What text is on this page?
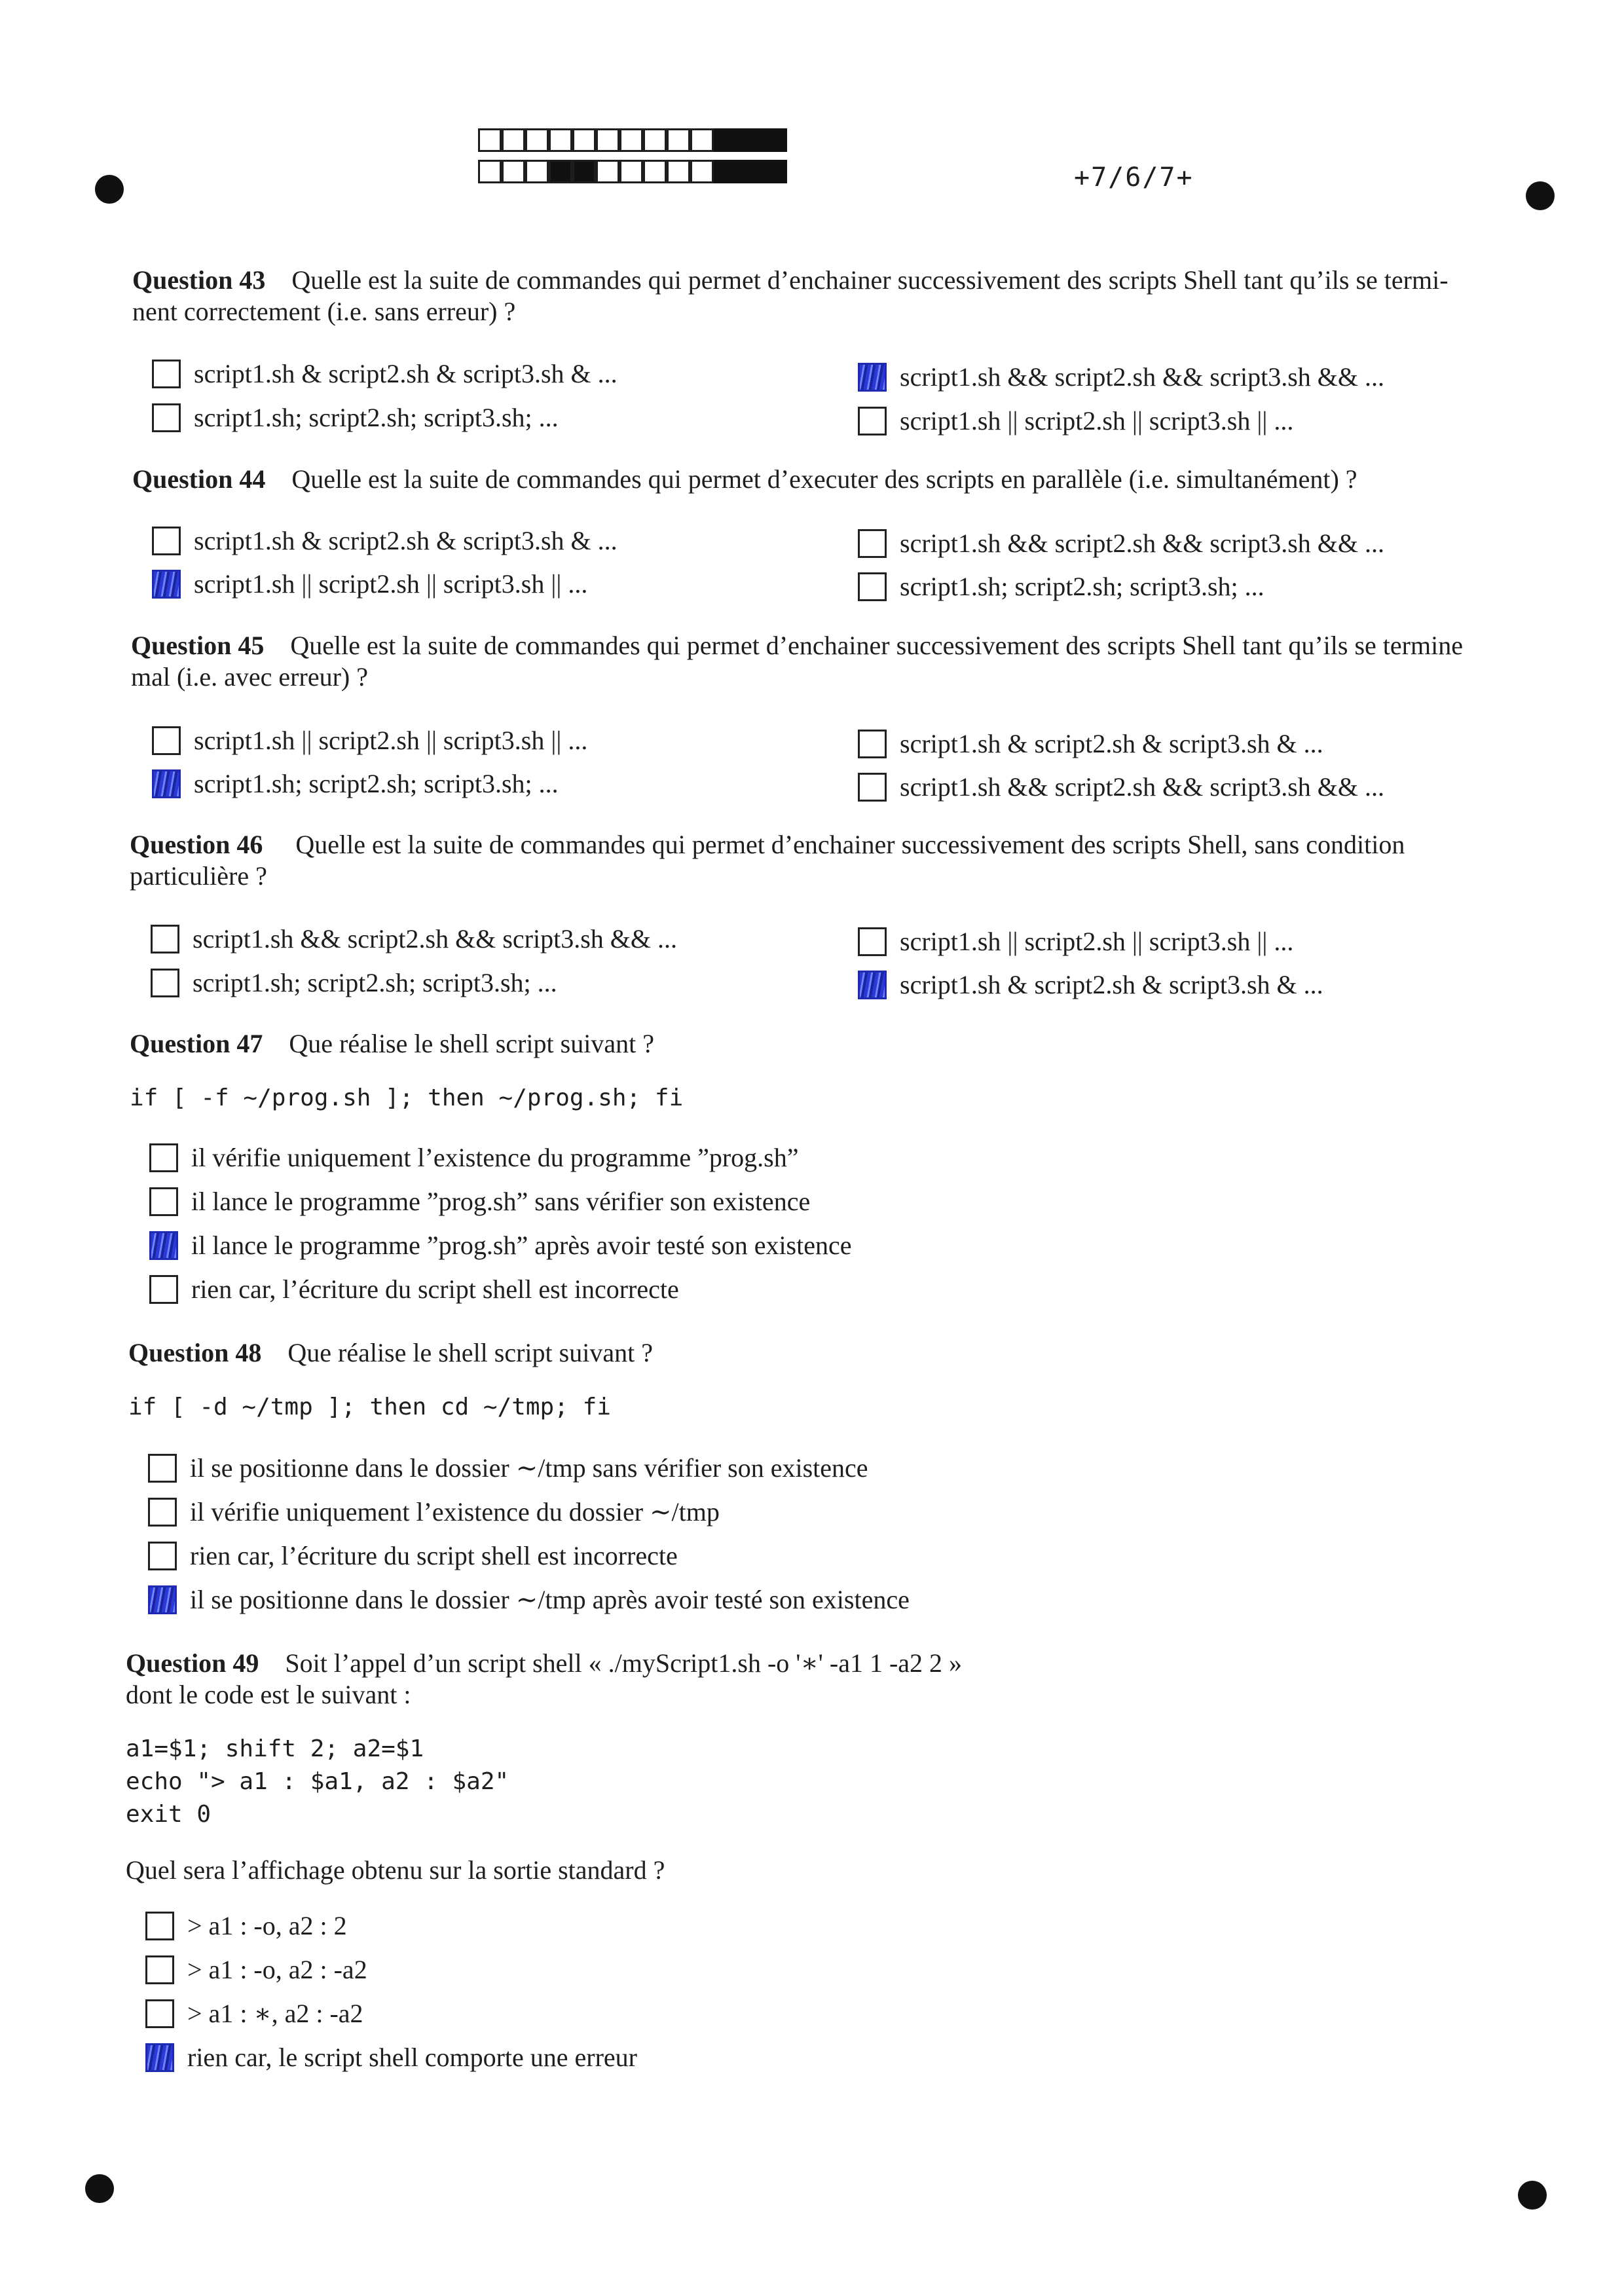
+7/6/7+
Question 43 Quelle est la suite de commandes qui permet d’enchainer successivement des scripts Shell tant qu’ils se termi-
nent correctement (i.e. sans erreur) ?
script1.sh & script2.sh & script3.sh & ...
script1.sh; script2.sh; script3.sh; ...
script1.sh && script2.sh && script3.sh && ...
script1.sh || script2.sh || script3.sh || ...
Question 44 Quelle est la suite de commandes qui permet d’executer des scripts en parallèle (i.e. simultanément) ?
script1.sh & script2.sh & script3.sh & ...
script1.sh || script2.sh || script3.sh || ...
script1.sh && script2.sh && script3.sh && ...
script1.sh; script2.sh; script3.sh; ...
Question 45 Quelle est la suite de commandes qui permet d’enchainer successivement des scripts Shell tant qu’ils se termine
mal (i.e. avec erreur) ?
script1.sh || script2.sh || script3.sh || ...
script1.sh; script2.sh; script3.sh; ...
script1.sh & script2.sh & script3.sh & ...
script1.sh && script2.sh && script3.sh && ...
Question 46 Quelle est la suite de commandes qui permet d’enchainer successivement des scripts Shell, sans condition
particulière ?
script1.sh && script2.sh && script3.sh && ...
script1.sh; script2.sh; script3.sh; ...
script1.sh || script2.sh || script3.sh || ...
script1.sh & script2.sh & script3.sh & ...
Question 47 Que réalise le shell script suivant ?
if [ -f ~/prog.sh ]; then ~/prog.sh; fi
il vérifie uniquement l’existence du programme ”prog.sh”
il lance le programme ”prog.sh” sans vérifier son existence
il lance le programme ”prog.sh” après avoir testé son existence
rien car, l’écriture du script shell est incorrecte
Question 48 Que réalise le shell script suivant ?
if [ -d ~/tmp ]; then cd ~/tmp; fi
il se positionne dans le dossier ∼/tmp sans vérifier son existence
il vérifie uniquement l’existence du dossier ∼/tmp
rien car, l’écriture du script shell est incorrecte
il se positionne dans le dossier ∼/tmp après avoir testé son existence
Question 49 Soit l’appel d’un script shell « ./myScript1.sh -o '∗' -a1 1 -a2 2 »
dont le code est le suivant :
a1=$1; shift 2; a2=$1
echo "> a1 : $a1, a2 : $a2"
exit 0
Quel sera l’affichage obtenu sur la sortie standard ?
> a1 : -o, a2 : 2
> a1 : -o, a2 : -a2
> a1 : ∗, a2 : -a2
rien car, le script shell comporte une erreur
